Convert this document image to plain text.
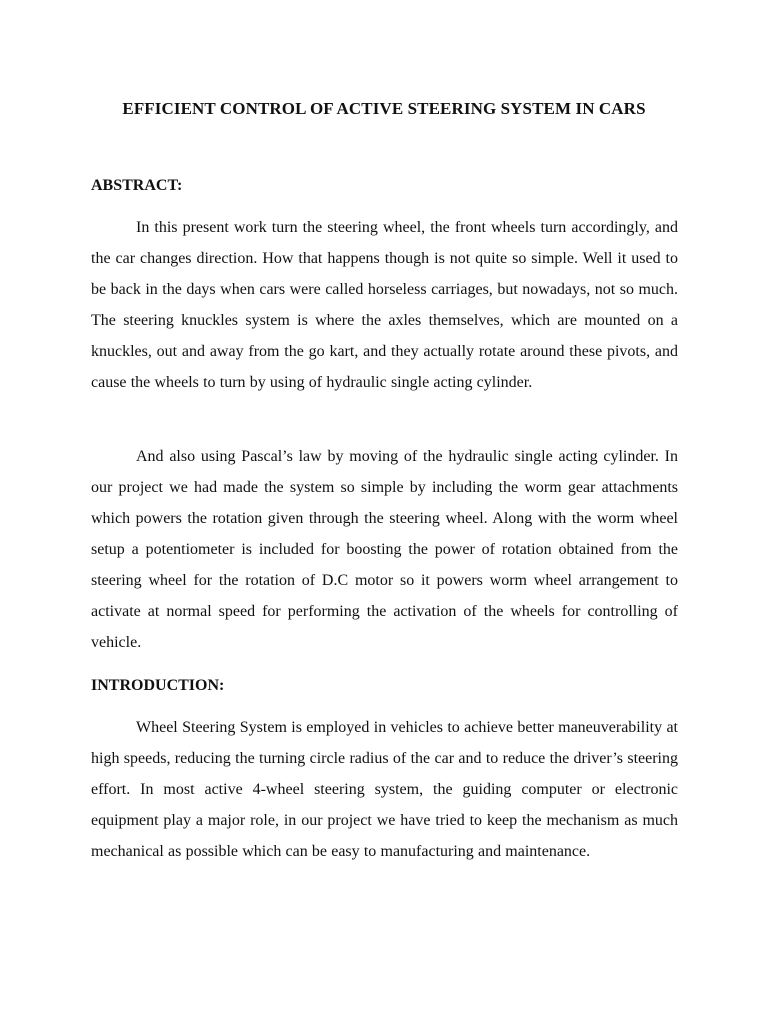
EFFICIENT CONTROL OF ACTIVE STEERING SYSTEM IN CARS
ABSTRACT:

In this present work turn the steering wheel, the front wheels turn accordingly, and the car changes direction. How that happens though is not quite so simple. Well it used to be back in the days when cars were called horseless carriages, but nowadays, not so much. The steering knuckles system is where the axles themselves, which are mounted on a knuckles, out and away from the go kart, and they actually rotate around these pivots, and cause the wheels to turn by using of hydraulic single acting cylinder.

And also using Pascal’s law by moving of the hydraulic single acting cylinder. In our project we had made the system so simple by including the worm gear attachments which powers the rotation given through the steering wheel. Along with the worm wheel setup a potentiometer is included for boosting the power of rotation obtained from the steering wheel for the rotation of D.C motor so it powers worm wheel arrangement to activate at normal speed for performing the activation of the wheels for controlling of vehicle.

INTRODUCTION:

Wheel Steering System is employed in vehicles to achieve better maneuverability at high speeds, reducing the turning circle radius of the car and to reduce the driver’s steering effort. In most active 4-wheel steering system, the guiding computer or electronic equipment play a major role, in our project we have tried to keep the mechanism as much mechanical as possible which can be easy to manufacturing and maintenance.
